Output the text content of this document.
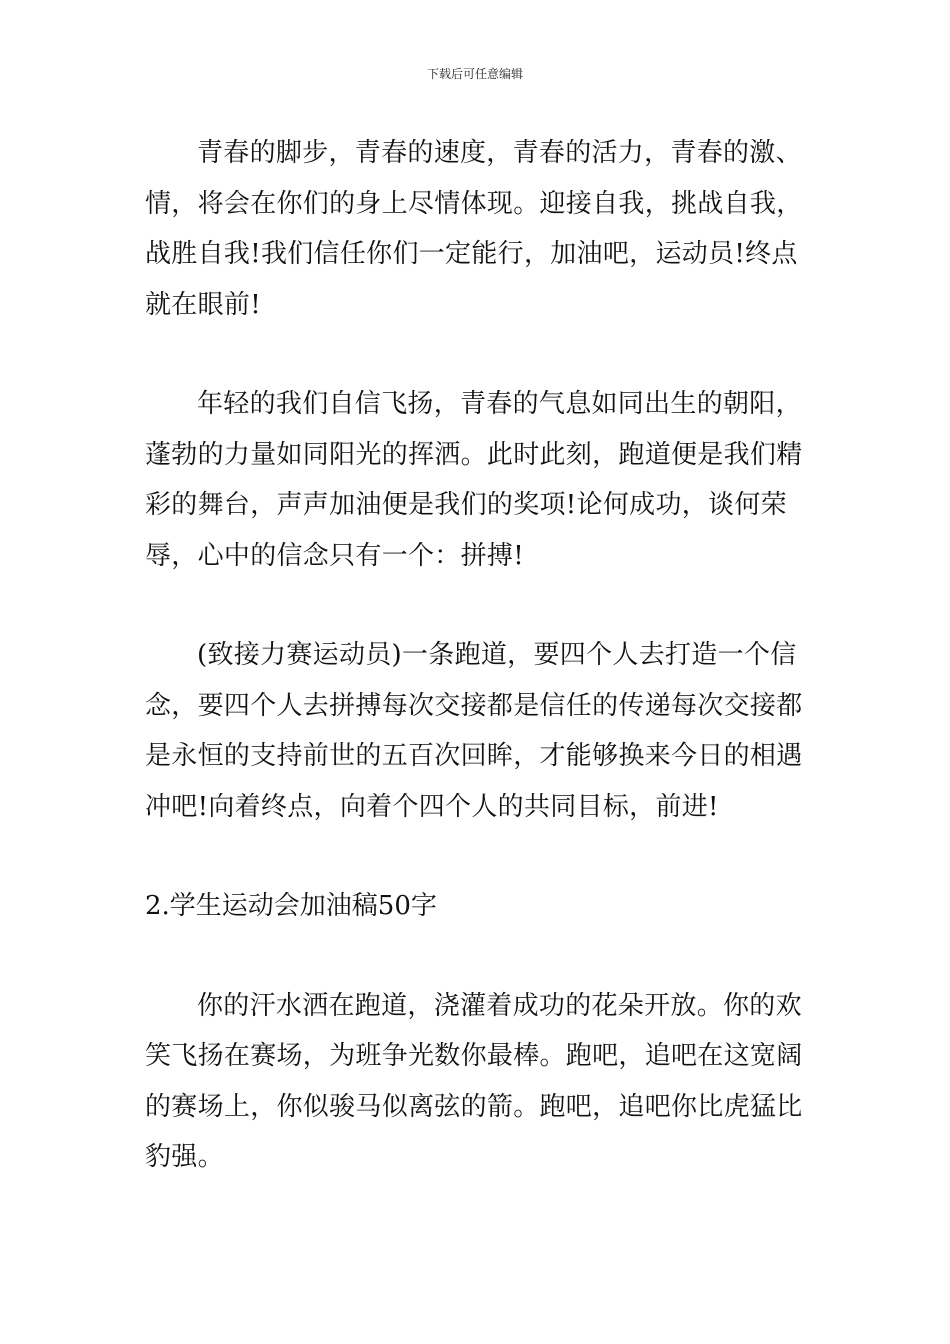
下载后可任意编辑

青春的脚步，青春的速度，青春的活力，青春的激、情，将会在你们的身上尽情体现。迎接自我，挑战自我，战胜自我!我们信任你们一定能行，加油吧，运动员!终点就在眼前!

年轻的我们自信飞扬，青春的气息如同出生的朝阳，蓬勃的力量如同阳光的挥洒。此时此刻，跑道便是我们精彩的舞台，声声加油便是我们的奖项!论何成功，谈何荣辱，心中的信念只有一个：拼搏!

(致接力赛运动员)一条跑道，要四个人去打造一个信念，要四个人去拼搏每次交接都是信任的传递每次交接都是永恒的支持前世的五百次回眸，才能够换来今日的相遇冲吧!向着终点，向着个四个人的共同目标，前进!

2.学生运动会加油稿50字

你的汗水洒在跑道，浇灌着成功的花朵开放。你的欢笑飞扬在赛场，为班争光数你最棒。跑吧，追吧在这宽阔的赛场上，你似骏马似离弦的箭。跑吧，追吧你比虎猛比豹强。
